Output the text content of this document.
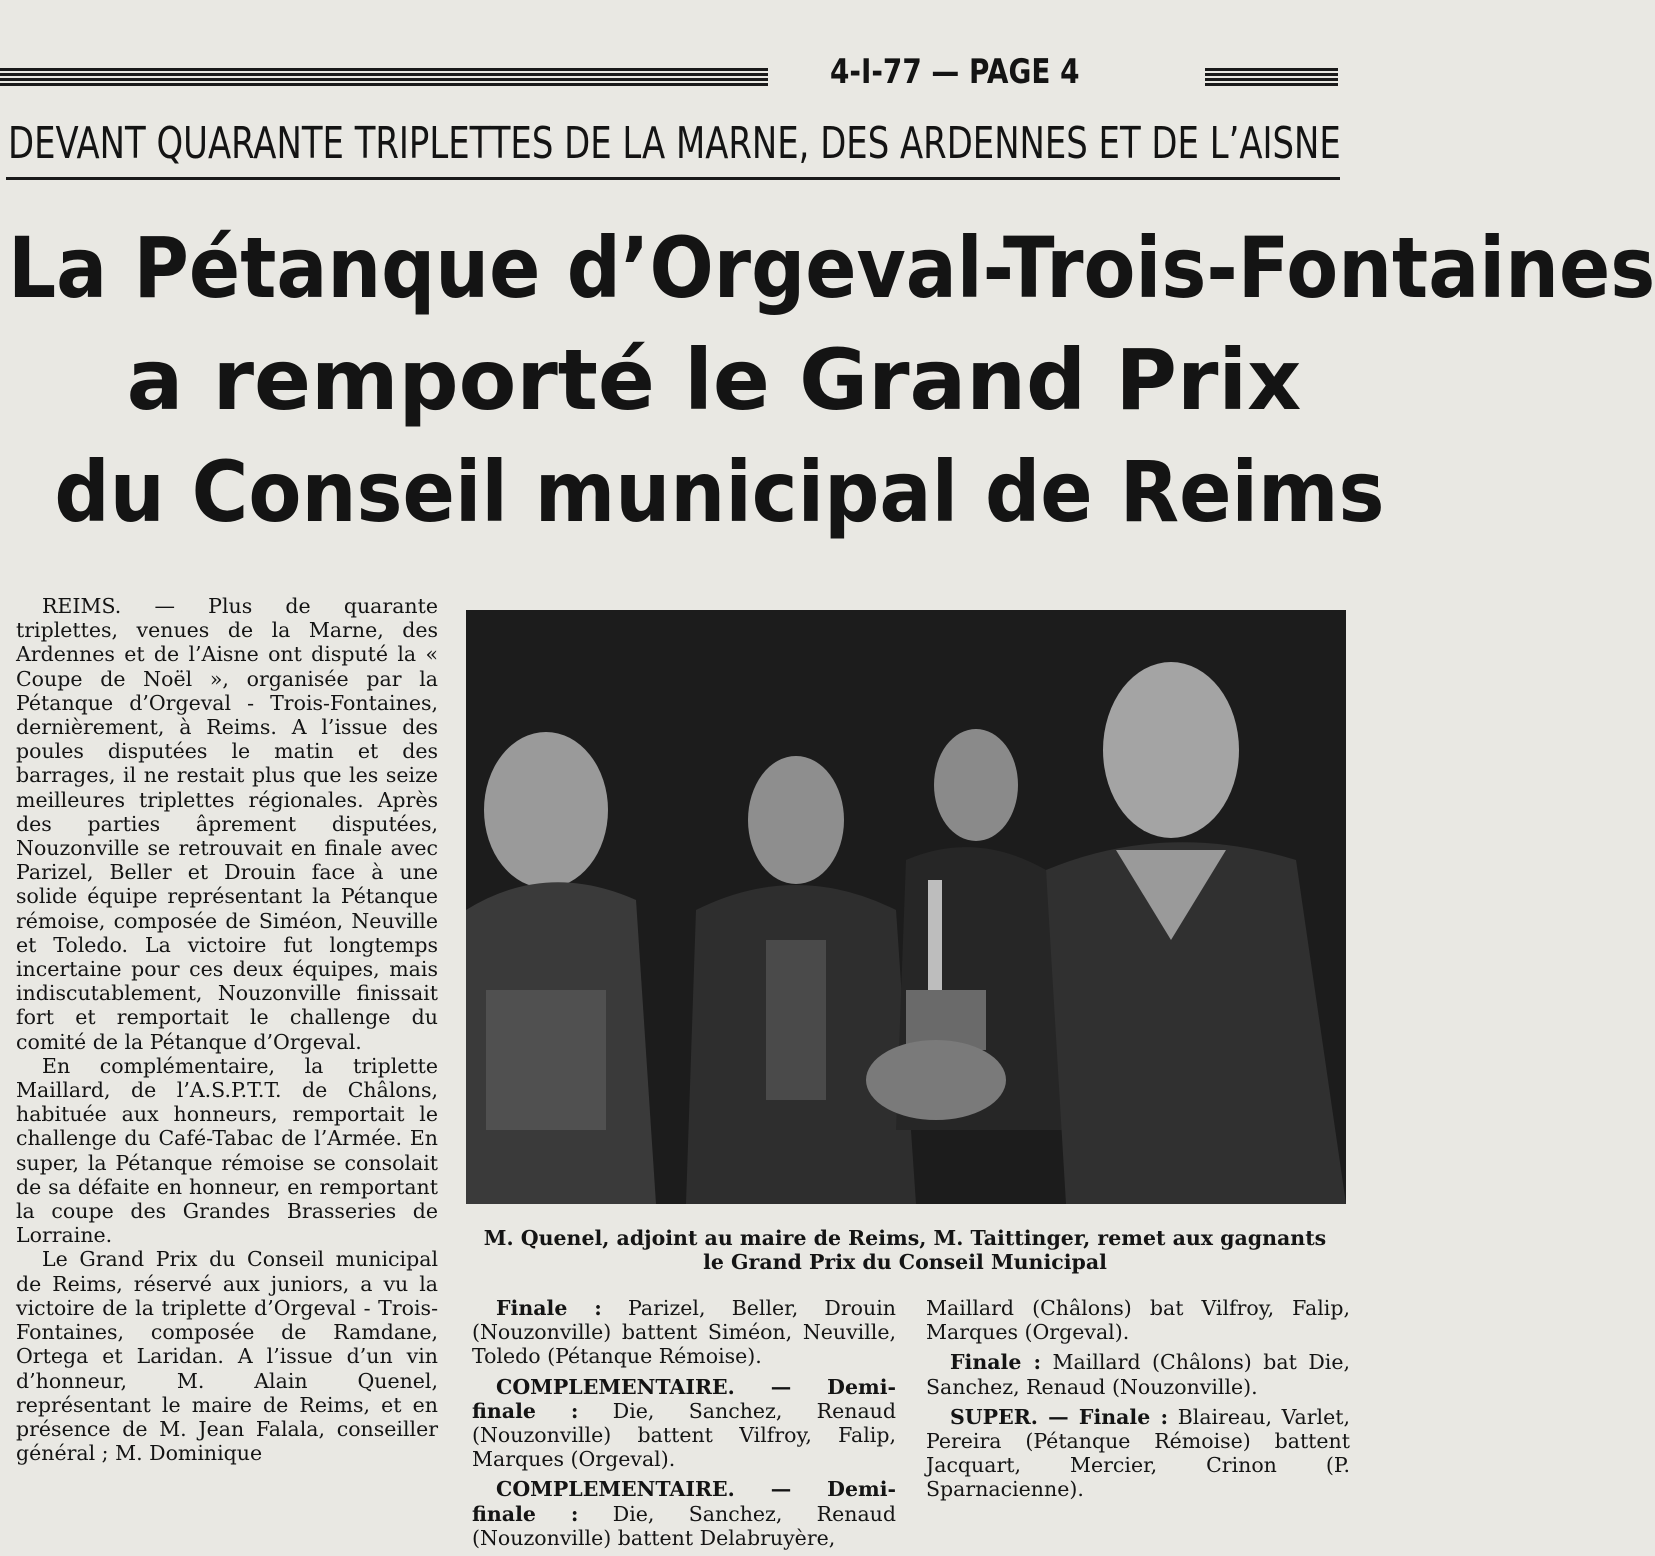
4-I-77 — PAGE 4
DEVANT QUARANTE TRIPLETTES DE LA MARNE, DES ARDENNES ET DE L’AISNE
La Pétanque d’Orgeval-Trois-Fontaines
a remporté le Grand Prix
du Conseil municipal de Reims

REIMS. — Plus de quarante triplettes, venues de la Marne, des Ardennes et de l’Aisne ont disputé la « Coupe de Noël », organisée par la Pétanque d’Orgeval - Trois-Fontaines, dernièrement, à Reims. A l’issue des poules disputées le matin et des barrages, il ne restait plus que les seize meilleures triplettes régionales. Après des parties âprement disputées, Nouzonville se retrouvait en finale avec Parizel, Beller et Drouin face à une solide équipe représentant la Pétanque rémoise, composée de Siméon, Neuville et Toledo. La victoire fut longtemps incertaine pour ces deux équipes, mais indiscutablement, Nouzonville finissait fort et remportait le challenge du comité de la Pétanque d’Orgeval.

En complémentaire, la triplette Maillard, de l’A.S.P.T.T. de Châlons, habituée aux honneurs, remportait le challenge du Café-Tabac de l’Armée. En super, la Pétanque rémoise se consolait de sa défaite en honneur, en remportant la coupe des Grandes Brasseries de Lorraine.

Le Grand Prix du Conseil municipal de Reims, réservé aux juniors, a vu la victoire de la triplette d’Orgeval - Trois-Fontaines, composée de Ramdane, Ortega et Laridan. A l’issue d’un vin d’honneur, M. Alain Quenel, représentant le maire de Reims, et en présence de M. Jean Falala, conseiller général ; M. Dominique

M. Quenel, adjoint au maire de Reims, M. Taittinger, remet aux gagnants le Grand Prix du Conseil Municipal

Finale : Parizel, Beller, Drouin (Nouzonville) battent Siméon, Neuville, Toledo (Pétanque Rémoise).

COMPLEMENTAIRE. — Demi-finale : Die, Sanchez, Renaud (Nouzonville) battent Vilfroy, Falip, Marques (Orgeval).

COMPLEMENTAIRE. — Demi-finale : Die, Sanchez, Renaud (Nouzonville) battent Delabruyère,

Maillard (Châlons) bat Vilfroy, Falip, Marques (Orgeval).

Finale : Maillard (Châlons) bat Die, Sanchez, Renaud (Nouzonville).

SUPER. — Finale : Blaireau, Varlet, Pereira (Pétanque Rémoise) battent Jacquart, Mercier, Crinon (P. Sparnacienne).
